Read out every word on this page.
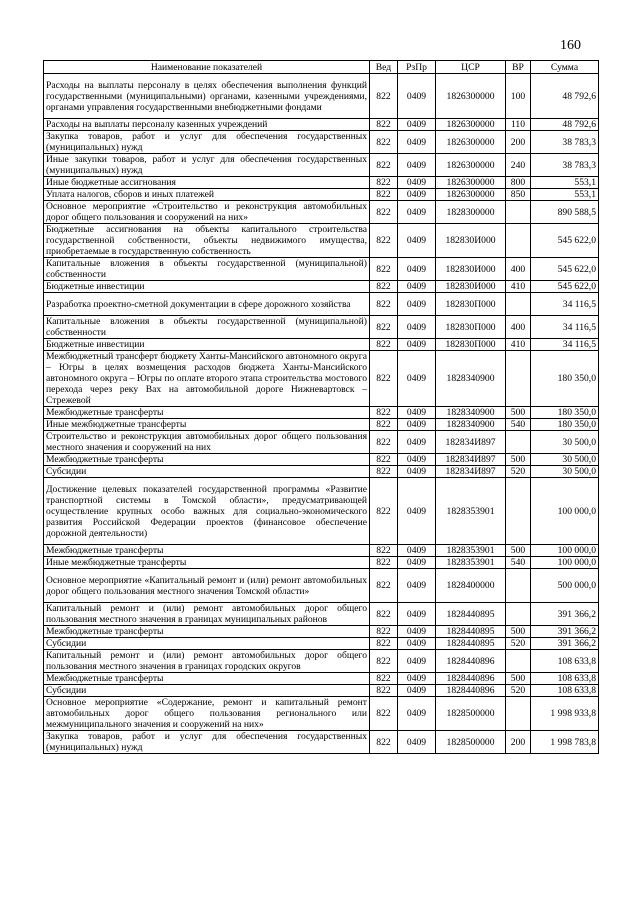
160
Наименование показателей	Вед	РзПр	ЦСР	ВР	Сумма
Расходы на выплаты персоналу в целях обеспечения выполнения функций государственными (муниципальными) органами, казенными учреждениями, органами управления государственными внебюджетными фондами	822	0409	1826300000	100	48 792,6
Расходы на выплаты персоналу казенных учреждений	822	0409	1826300000	110	48 792,6
Закупка товаров, работ и услуг для обеспечения государственных (муниципальных) нужд	822	0409	1826300000	200	38 783,3
Иные закупки товаров, работ и услуг для обеспечения государственных (муниципальных) нужд	822	0409	1826300000	240	38 783,3
Иные бюджетные ассигнования	822	0409	1826300000	800	553,1
Уплата налогов, сборов и иных платежей	822	0409	1826300000	850	553,1
Основное мероприятие «Строительство и реконструкция автомобильных дорог общего пользования и сооружений на них»	822	0409	1828300000		890 588,5
Бюджетные ассигнования на объекты капитального строительства государственной собственности, объекты недвижимого имущества, приобретаемые в государственную собственность	822	0409	182830И000		545 622,0
Капитальные вложения в объекты государственной (муниципальной) собственности	822	0409	182830И000	400	545 622,0
Бюджетные инвестиции	822	0409	182830И000	410	545 622,0
Разработка проектно-сметной документации в сфере дорожного хозяйства	822	0409	182830П000		34 116,5
Капитальные вложения в объекты государственной (муниципальной) собственности	822	0409	182830П000	400	34 116,5
Бюджетные инвестиции	822	0409	182830П000	410	34 116,5
Межбюджетный трансферт бюджету Ханты-Мансийского автономного округа – Югры в целях возмещения расходов бюджета Ханты-Мансийского автономного округа – Югры по оплате второго этапа строительства мостового перехода через реку Вах на автомобильной дороге Нижневартовск – Стрежевой	822	0409	1828340900		180 350,0
Межбюджетные трансферты	822	0409	1828340900	500	180 350,0
Иные межбюджетные трансферты	822	0409	1828340900	540	180 350,0
Строительство и реконструкция автомобильных дорог общего пользования местного значения и сооружений на них	822	0409	182834И897		30 500,0
Межбюджетные трансферты	822	0409	182834И897	500	30 500,0
Субсидии	822	0409	182834И897	520	30 500,0
Достижение целевых показателей государственной программы «Развитие транспортной системы в Томской области», предусматривающей осуществление крупных особо важных для социально-экономического развития Российской Федерации проектов (финансовое обеспечение дорожной деятельности)	822	0409	1828353901		100 000,0
Межбюджетные трансферты	822	0409	1828353901	500	100 000,0
Иные межбюджетные трансферты	822	0409	1828353901	540	100 000,0
Основное мероприятие «Капитальный ремонт и (или) ремонт автомобильных дорог общего пользования местного значения Томской области»	822	0409	1828400000		500 000,0
Капитальный ремонт и (или) ремонт автомобильных дорог общего пользования местного значения в границах муниципальных районов	822	0409	1828440895		391 366,2
Межбюджетные трансферты	822	0409	1828440895	500	391 366,2
Субсидии	822	0409	1828440895	520	391 366,2
Капитальный ремонт и (или) ремонт автомобильных дорог общего пользования местного значения в границах городских округов	822	0409	1828440896		108 633,8
Межбюджетные трансферты	822	0409	1828440896	500	108 633,8
Субсидии	822	0409	1828440896	520	108 633,8
Основное мероприятие «Содержание, ремонт и капитальный ремонт автомобильных дорог общего пользования регионального или межмуниципального значения и сооружений на них»	822	0409	1828500000		1 998 933,8
Закупка товаров, работ и услуг для обеспечения государственных (муниципальных) нужд	822	0409	1828500000	200	1 998 783,8
